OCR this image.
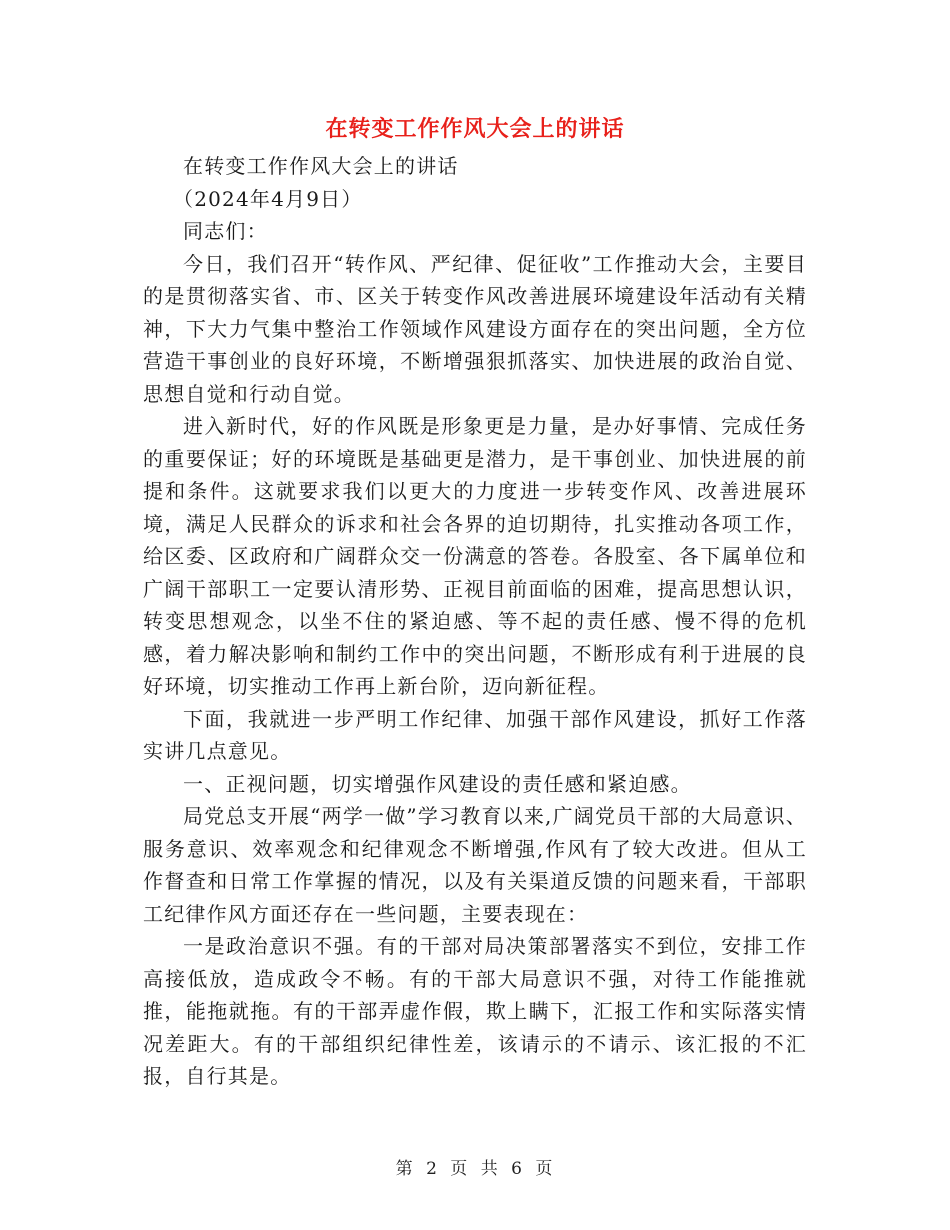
在转变工作作风大会上的讲话

在转变工作作风大会上的讲话

（2024年4月9日）

同志们：

今日，我们召开“转作风、严纪律、促征收”工作推动大会，主要目的是贯彻落实省、市、区关于转变作风改善进展环境建设年活动有关精神，下大力气集中整治工作领域作风建设方面存在的突出问题，全方位营造干事创业的良好环境，不断增强狠抓落实、加快进展的政治自觉、思想自觉和行动自觉。

进入新时代，好的作风既是形象更是力量，是办好事情、完成任务的重要保证；好的环境既是基础更是潜力，是干事创业、加快进展的前提和条件。这就要求我们以更大的力度进一步转变作风、改善进展环境，满足人民群众的诉求和社会各界的迫切期待，扎实推动各项工作，给区委、区政府和广阔群众交一份满意的答卷。各股室、各下属单位和广阔干部职工一定要认清形势、正视目前面临的困难，提高思想认识，转变思想观念，以坐不住的紧迫感、等不起的责任感、慢不得的危机感，着力解决影响和制约工作中的突出问题，不断形成有利于进展的良好环境，切实推动工作再上新台阶，迈向新征程。

下面，我就进一步严明工作纪律、加强干部作风建设，抓好工作落实讲几点意见。

一、正视问题，切实增强作风建设的责任感和紧迫感。

局党总支开展“两学一做”学习教育以来,广阔党员干部的大局意识、服务意识、效率观念和纪律观念不断增强,作风有了较大改进。但从工作督查和日常工作掌握的情况，以及有关渠道反馈的问题来看，干部职工纪律作风方面还存在一些问题，主要表现在：

一是政治意识不强。有的干部对局决策部署落实不到位，安排工作高接低放，造成政令不畅。有的干部大局意识不强，对待工作能推就推，能拖就拖。有的干部弄虚作假，欺上瞒下，汇报工作和实际落实情况差距大。有的干部组织纪律性差，该请示的不请示、该汇报的不汇报，自行其是。

第 2 页 共 6 页
